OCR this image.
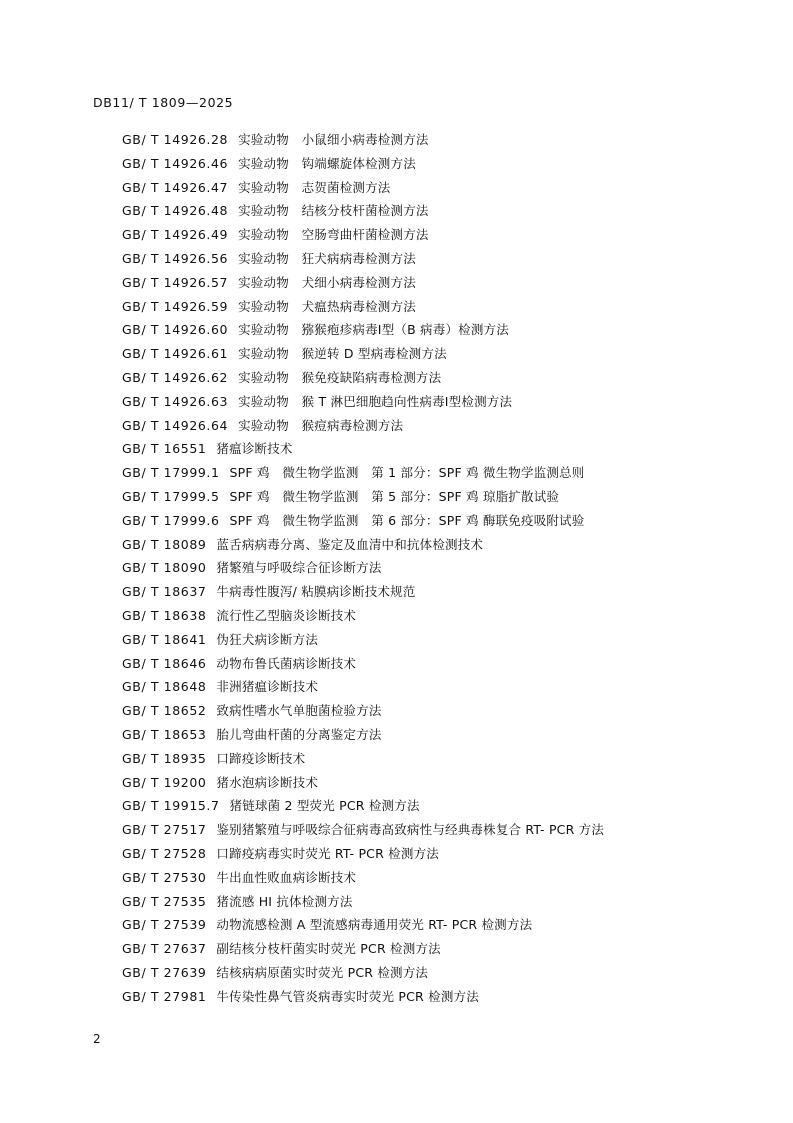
DB11/ T 1809—2025
GB/ T 14926.28 实验动物　小鼠细小病毒检测方法
GB/ T 14926.46 实验动物　钩端螺旋体检测方法
GB/ T 14926.47 实验动物　志贺菌检测方法
GB/ T 14926.48 实验动物　结核分枝杆菌检测方法
GB/ T 14926.49 实验动物　空肠弯曲杆菌检测方法
GB/ T 14926.56 实验动物　狂犬病病毒检测方法
GB/ T 14926.57 实验动物　犬细小病毒检测方法
GB/ T 14926.59 实验动物　犬瘟热病毒检测方法
GB/ T 14926.60 实验动物　猕猴疱疹病毒Ⅰ型（B 病毒）检测方法
GB/ T 14926.61 实验动物　猴逆转 D 型病毒检测方法
GB/ T 14926.62 实验动物　猴免疫缺陷病毒检测方法
GB/ T 14926.63 实验动物　猴 T 淋巴细胞趋向性病毒Ⅰ型检测方法
GB/ T 14926.64 实验动物　猴痘病毒检测方法
GB/ T 16551 猪瘟诊断技术
GB/ T 17999.1 SPF 鸡　微生物学监测　第 1 部分：SPF 鸡 微生物学监测总则
GB/ T 17999.5 SPF 鸡　微生物学监测　第 5 部分：SPF 鸡 琼脂扩散试验
GB/ T 17999.6 SPF 鸡　微生物学监测　第 6 部分：SPF 鸡 酶联免疫吸附试验
GB/ T 18089 蓝舌病病毒分离、鉴定及血清中和抗体检测技术
GB/ T 18090 猪繁殖与呼吸综合征诊断方法
GB/ T 18637 牛病毒性腹泻/ 粘膜病诊断技术规范
GB/ T 18638 流行性乙型脑炎诊断技术
GB/ T 18641 伪狂犬病诊断方法
GB/ T 18646 动物布鲁氏菌病诊断技术
GB/ T 18648 非洲猪瘟诊断技术
GB/ T 18652 致病性嗜水气单胞菌检验方法
GB/ T 18653 胎儿弯曲杆菌的分离鉴定方法
GB/ T 18935 口蹄疫诊断技术
GB/ T 19200 猪水泡病诊断技术
GB/ T 19915.7 猪链球菌 2 型荧光 PCR 检测方法
GB/ T 27517 鉴别猪繁殖与呼吸综合征病毒高致病性与经典毒株复合 RT- PCR 方法
GB/ T 27528 口蹄疫病毒实时荧光 RT- PCR 检测方法
GB/ T 27530 牛出血性败血病诊断技术
GB/ T 27535 猪流感 HI 抗体检测方法
GB/ T 27539 动物流感检测 A 型流感病毒通用荧光 RT- PCR 检测方法
GB/ T 27637 副结核分枝杆菌实时荧光 PCR 检测方法
GB/ T 27639 结核病病原菌实时荧光 PCR 检测方法
GB/ T 27981 牛传染性鼻气管炎病毒实时荧光 PCR 检测方法
2
